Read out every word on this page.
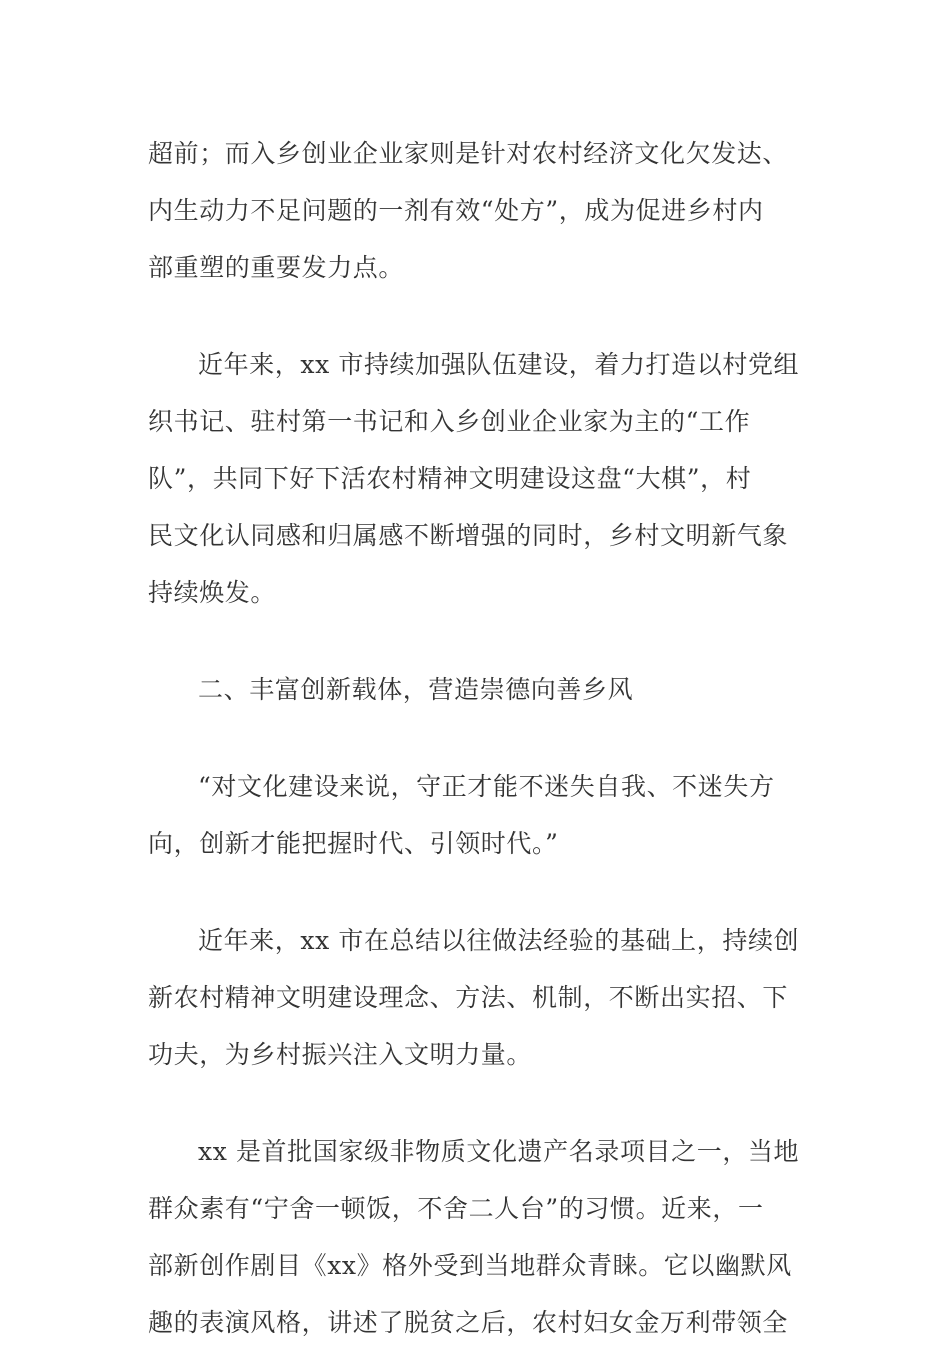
超前；而入乡创业企业家则是针对农村经济文化欠发达、
内生动力不足问题的一剂有效“处方”，成为促进乡村内
部重塑的重要发力点。
近年来，xx 市持续加强队伍建设，着力打造以村党组
织书记、驻村第一书记和入乡创业企业家为主的“工作
队”，共同下好下活农村精神文明建设这盘“大棋”，村
民文化认同感和归属感不断增强的同时，乡村文明新气象
持续焕发。
二、丰富创新载体，营造崇德向善乡风
“对文化建设来说，守正才能不迷失自我、不迷失方
向，创新才能把握时代、引领时代。”
近年来，xx 市在总结以往做法经验的基础上，持续创
新农村精神文明建设理念、方法、机制，不断出实招、下
功夫，为乡村振兴注入文明力量。
xx 是首批国家级非物质文化遗产名录项目之一，当地
群众素有“宁舍一顿饭，不舍二人台”的习惯。近来，一
部新创作剧目《xx》格外受到当地群众青睐。它以幽默风
趣的表演风格，讲述了脱贫之后，农村妇女金万利带领全
